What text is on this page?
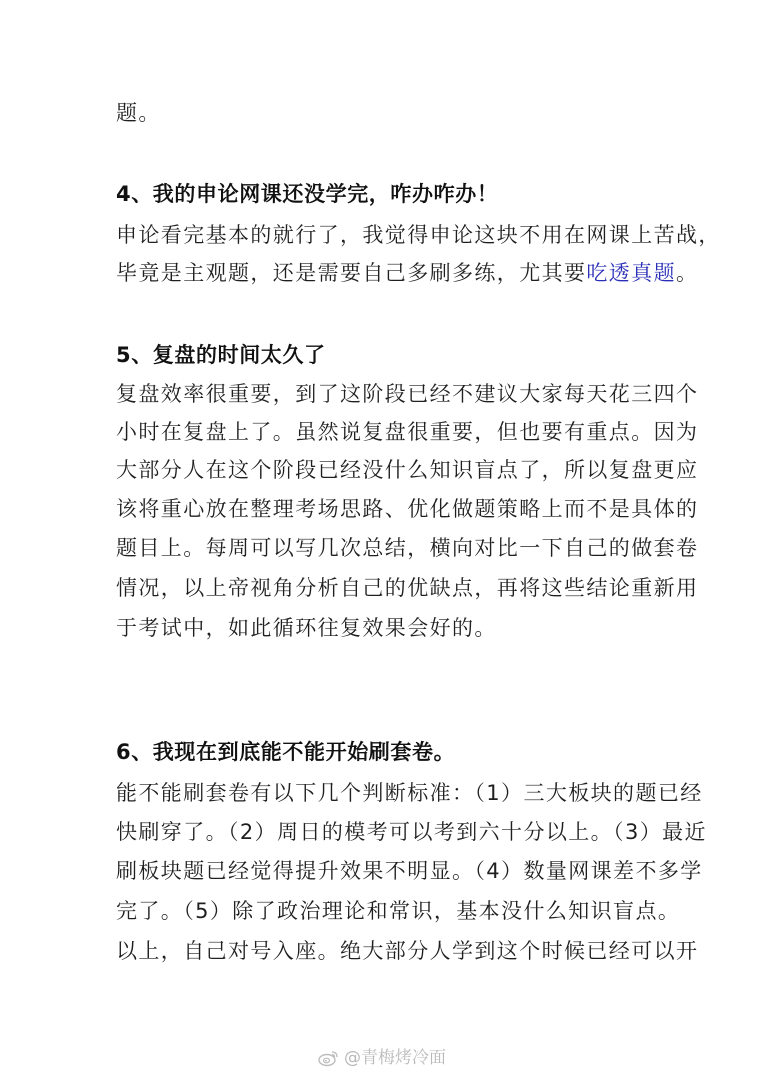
题。
4、我的申论网课还没学完，咋办咋办！
申论看完基本的就行了，我觉得申论这块不用在网课上苦战，
毕竟是主观题，还是需要自己多刷多练，尤其要吃透真题。
5、复盘的时间太久了
复盘效率很重要，到了这阶段已经不建议大家每天花三四个
小时在复盘上了。虽然说复盘很重要，但也要有重点。因为
大部分人在这个阶段已经没什么知识盲点了，所以复盘更应
该将重心放在整理考场思路、优化做题策略上而不是具体的
题目上。每周可以写几次总结，横向对比一下自己的做套卷
情况，以上帝视角分析自己的优缺点，再将这些结论重新用
于考试中，如此循环往复效果会好的。
6、我现在到底能不能开始刷套卷。
能不能刷套卷有以下几个判断标准：（1）三大板块的题已经
快刷穿了。（2）周日的模考可以考到六十分以上。（3）最近
刷板块题已经觉得提升效果不明显。（4）数量网课差不多学
完了。（5）除了政治理论和常识，基本没什么知识盲点。
以上，自己对号入座。绝大部分人学到这个时候已经可以开
@青梅烤冷面
